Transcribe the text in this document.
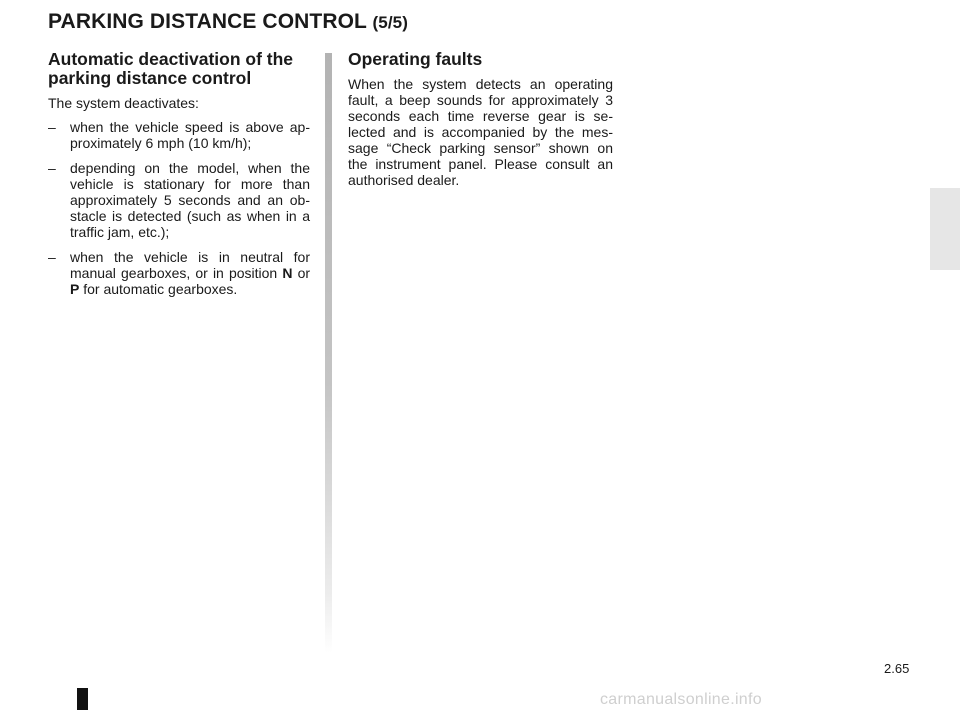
PARKING DISTANCE CONTROL (5/5)
Automatic deactivation of the parking distance control

The system deactivates:

– when the vehicle speed is above ap- proximately 6 mph (10 km/h);
– depending on the model, when the vehicle is stationary for more than approximately 5 seconds and an ob- stacle is detected (such as when in a traffic jam, etc.);
– when the vehicle is in neutral for manual gearboxes, or in position N or P for automatic gearboxes.
Operating faults

When the system detects an operating fault, a beep sounds for approximately 3 seconds each time reverse gear is se- lected and is accompanied by the mes- sage “Check parking sensor” shown on the instrument panel. Please consult an authorised dealer.

2.65
carmanualsonline.info
